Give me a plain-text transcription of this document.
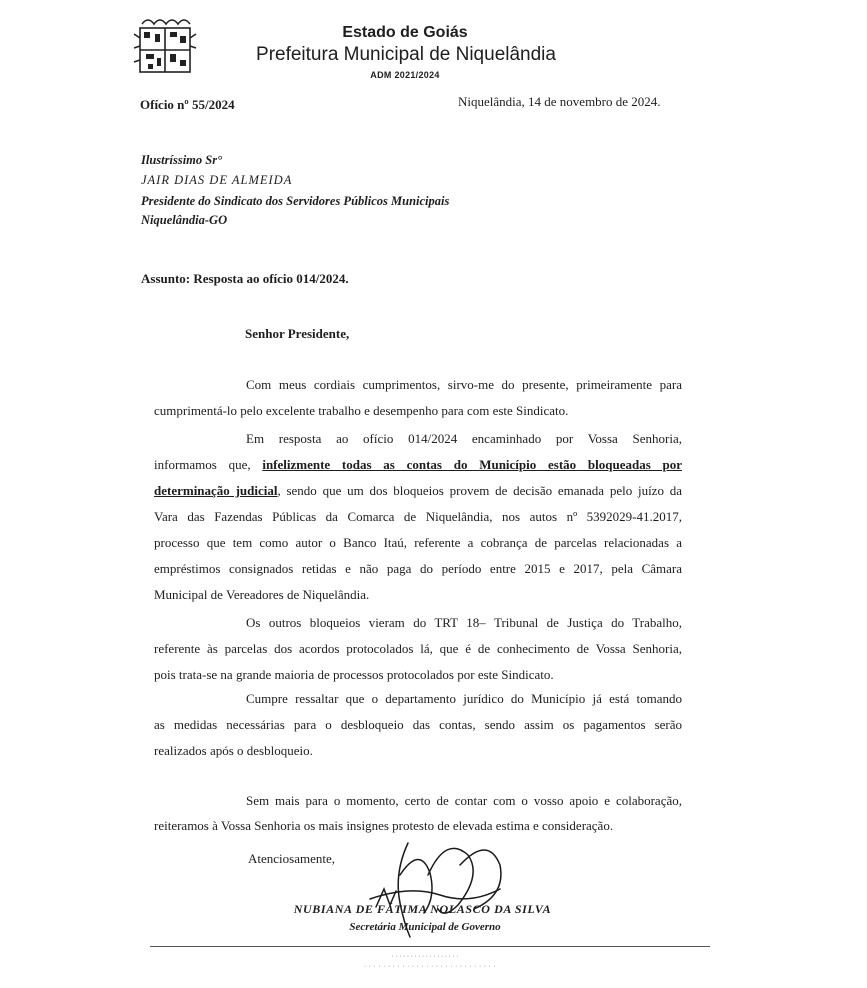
Estado de Goiás
Prefeitura Municipal de Niquelândia
ADM 2021/2024
Ofício nº 55/2024	Niquelândia, 14 de novembro de 2024.
Ilustríssimo Sr°
JAIR DIAS DE ALMEIDA
Presidente do Sindicato dos Servidores Públicos Municipais
Niquelândia-GO
Assunto: Resposta ao ofício 014/2024.
Senhor Presidente,
Com meus cordiais cumprimentos, sirvo-me do presente, primeiramente para
cumprimentá-lo pelo excelente trabalho e desempenho para com este Sindicato.
Em resposta ao ofício 014/2024 encaminhado por Vossa Senhoria,
informamos que, infelizmente todas as contas do Município estão bloqueadas por
determinação judicial, sendo que um dos bloqueios provem de decisão emanada pelo juízo da
Vara das Fazendas Públicas da Comarca de Niquelândia, nos autos nº 5392029-41.2017,
processo que tem como autor o Banco Itaú, referente a cobrança de parcelas relacionadas a
empréstimos consignados retidas e não paga do período entre 2015 e 2017, pela Câmara
Municipal de Vereadores de Niquelândia.
Os outros bloqueios vieram do TRT 18– Tribunal de Justiça do Trabalho,
referente às parcelas dos acordos protocolados lá, que é de conhecimento de Vossa Senhoria,
pois trata-se na grande maioria de processos protocolados por este Sindicato.
Cumpre ressaltar que o departamento jurídico do Município já está tomando
as medidas necessárias para o desbloqueio das contas, sendo assim os pagamentos serão
realizados após o desbloqueio.
Sem mais para o momento, certo de contar com o vosso apoio e colaboração,
reiteramos à Vossa Senhoria os mais insignes protesto de elevada estima e consideração.
Atenciosamente,
NUBIANA DE FÁTIMA NOLASCO DA SILVA
Secretária Municipal de Governo
· · · · · · · · · · · · · · · · · ·
· · · · · · · · · · · · · · · · · · · · · · · · · · · ·
